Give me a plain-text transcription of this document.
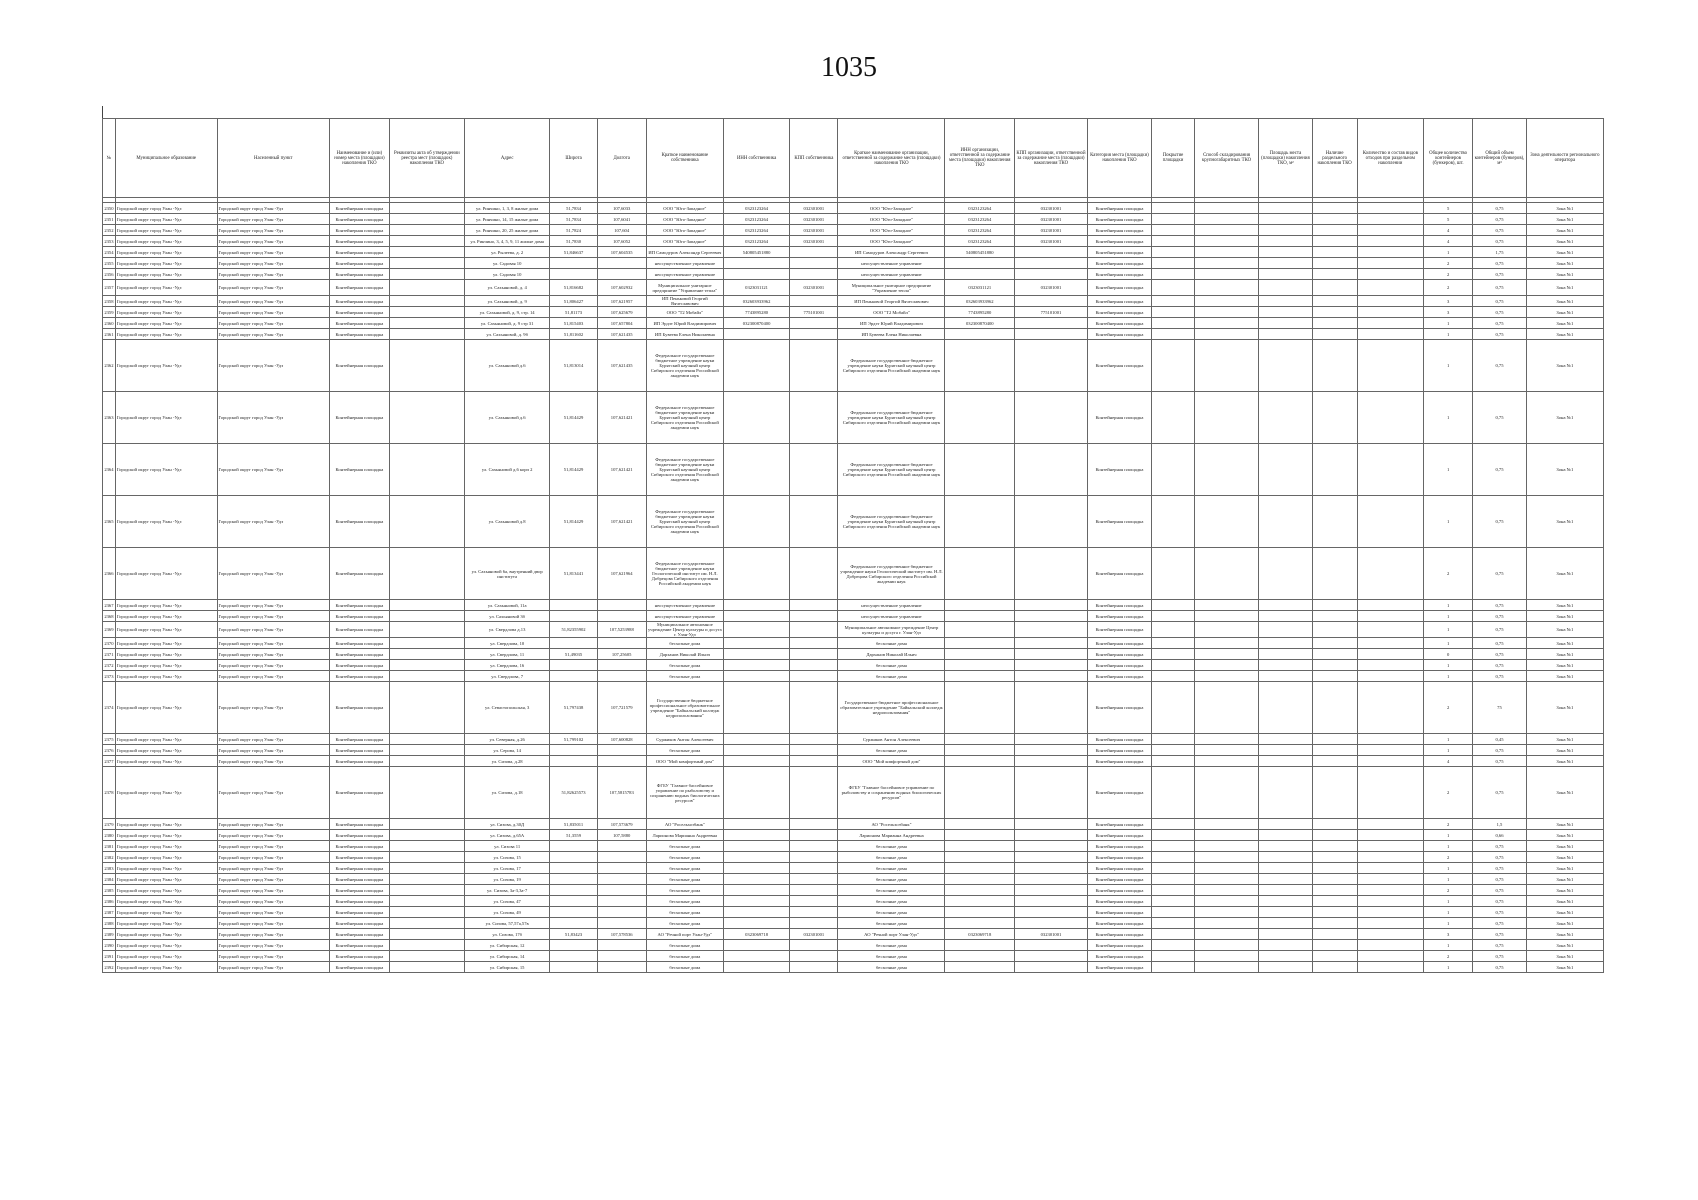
1035
№	Муниципальное образование	Населенный пункт	Наименование и (или) номер места (площадки) накопления ТКО	Реквизиты акта об утверждении реестра мест (площадок) накопления ТКО	Адрес	Широта	Долгота	Краткое наименование собственника	ИНН собственника	КПП собственника	Краткое наименование организации, ответственной за содержание места (площадки) накопления ТКО	ИНН организации, ответственной за содержание места (площадки) накопления ТКО	КПП организации, ответственной за содержание места (площадки) накопления ТКО	Категория места (площадки) накопления ТКО	Покрытие площадки	Способ складирования крупногабаритных ТКО	Площадь места (площадки) накопления ТКО, м²	Наличие раздельного накопления ТКО	Количество и состав видов отходов при раздельном накоплении	Общее количество контейнеров (бункеров), шт.	Общий объем контейнеров (бункеров), м³	Зона деятельности регионального оператора

2350	Городской округ город Улан -Удэ	Городской округ город Улан -Удэ	Контейнерная площадка		ул. Ринчино, 1, 3, 8 жилые дома	51,7834	107,6033	ООО "Юго-Западное"	0323123264	032301001	ООО "Юго-Западное"	0323123264	032301001	Контейнерная площадка						5	0,75	Зона №1
2351	Городской округ город Улан -Удэ	Городской округ город Улан -Удэ	Контейнерная площадка		ул. Ринчино, 14, 15 жилые дома	51,7834	107,6041	ООО "Юго-Западное"	0323123264	032301001	ООО "Юго-Западное"	0323123264	032301001	Контейнерная площадка						5	0,75	Зона №1
2352	Городской округ город Улан -Удэ	Городской округ город Улан -Удэ	Контейнерная площадка		ул. Ринчино, 20, 25 жилые дома	51,7824	107,604	ООО "Юго-Западное"	0323123264	032301001	ООО "Юго-Западное"	0323123264	032301001	Контейнерная площадка						4	0,75	Зона №1
2353	Городской округ город Улан -Удэ	Городской округ город Улан -Удэ	Контейнерная площадка		ул. Ринчино, 3, 4, 5, 9, 11 жилые дома	51,7830	107,6052	ООО "Юго-Западное"	0323123264	032301001	ООО "Юго-Западное"	0323123264	032301001	Контейнерная площадка						4	0,75	Зона №1
2354	Городской округ город Улан -Удэ	Городской округ город Улан -Удэ	Контейнерная площадка		ул. Рылеева, д. 2	51,846637	107,604535	ИП Самодуров Александр Сергеевич	540805451880		ИП Самодуров Александр Сергеевич	540805451880		Контейнерная площадка						1	1,75	Зона №1
2355	Городской округ город Улан -Удэ	Городской округ город Улан -Удэ	Контейнерная площадка		ул. Садовая 10			неосуществленное управление			неосуществленное управление			Контейнерная площадка						2	0,75	Зона №1
2356	Городской округ город Улан -Удэ	Городской округ город Улан -Удэ	Контейнерная площадка		ул. Садовая 10			неосуществленное управление			неосуществленное управление			Контейнерная площадка						2	0,75	Зона №1
2357	Городской округ город Улан -Удэ	Городской округ город Улан -Удэ	Контейнерная площадка		ул. Сахьяновой, д. 4	51,816682	107,602932	Муниципальное унитарное предприятие "Управление тепла"	0323031121	032301001	Муниципальное унитарное предприятие "Управление тепла"	0323031121	032301001	Контейнерная площадка						2	0,75	Зона №1
2358	Городской округ город Улан -Удэ	Городской округ город Улан -Удэ	Контейнерная площадка		ул. Сахьяновой, д. 9	51,806427	107,621957	ИП Пеньковой Георгий Вячеславович	032603933962		ИП Пеньковой Георгий Вячеславович	032603933962		Контейнерная площадка						3	0,75	Зона №1
2359	Городской округ город Улан -Удэ	Городской округ город Улан -Удэ	Контейнерная площадка		ул. Сахьяновой, д. 9, стр. 14	51,81173	107,625679	ООО "Т2 Мобайл"	7743895280	775101001	ООО "Т2 Мобайл"	7743895280	775101001	Контейнерная площадка						3	0,75	Зона №1
2360	Городской округ город Улан -Удэ	Городской округ город Улан -Удэ	Контейнерная площадка		ул. Сахьяновой, д. 9 стр 31	51,815403	107,657804	ИП Эрдэт Юрий Владимирович	032300870400		ИП Эрдэт Юрий Владимирович	032300870400		Контейнерная площадка						1	0,75	Зона №1
2361	Городской округ город Улан -Удэ	Городской округ город Улан -Удэ	Контейнерная площадка		ул. Сахьяновой, д. 9б	51,811602	107,621435	ИП Бувеева Елена Николаевна			ИП Бувеева Елена Николаевна			Контейнерная площадка						1	0,75	Зона №1
2362	Городской округ город Улан -Удэ	Городской округ город Улан -Удэ	Контейнерная площадка		ул. Сахьяновой д.6	51,813014	107,621435	Федеральное государственное бюджетное учреждение науки Бурятский научный центр Сибирского отделения Российской академии наук			Федеральное государственное бюджетное учреждение науки Бурятский научный центр Сибирского отделения Российской академии наук			Контейнерная площадка						1	0,75	Зона №1
2363	Городской округ город Улан -Удэ	Городской округ город Улан -Удэ	Контейнерная площадка		ул. Сахьяновой д.6	51,814429	107,621421	Федеральное государственное бюджетное учреждение науки Бурятский научный центр Сибирского отделения Российской академии наук			Федеральное государственное бюджетное учреждение науки Бурятский научный центр Сибирского отделения Российской академии наук			Контейнерная площадка						1	0,75	Зона №1
2364	Городской округ город Улан -Удэ	Городской округ город Улан -Удэ	Контейнерная площадка		ул. Сахьяновой д.6 корп 2	51,814429	107,621421	Федеральное государственное бюджетное учреждение науки Бурятский научный центр Сибирского отделения Российской академии наук			Федеральное государственное бюджетное учреждение науки Бурятский научный центр Сибирского отделения Российской академии наук			Контейнерная площадка						1	0,75	Зона №1
2365	Городской округ город Улан -Удэ	Городской округ город Улан -Удэ	Контейнерная площадка		ул. Сахьяновой д.8	51,814429	107,621421	Федеральное государственное бюджетное учреждение науки Бурятский научный центр Сибирского отделения Российской академии наук			Федеральное государственное бюджетное учреждение науки Бурятский научный центр Сибирского отделения Российской академии наук			Контейнерная площадка						1	0,75	Зона №1
2366	Городской округ город Улан -Удэ	Городской округ город Улан -Удэ	Контейнерная площадка		ул. Сахьяновой 6а, внутренний двор института	51,813441	107,621964	Федеральное государственное бюджетное учреждение науки Геологический институт им. Н.Л. Добрецова Сибирского отделения Российской академии наук			Федеральное государственное бюджетное учреждение науки Геологический институт им. Н.Л. Добрецова Сибирского отделения Российской академии наук			Контейнерная площадка						2	0,75	Зона №1
2367	Городской округ город Улан -Удэ	Городской округ город Улан -Удэ	Контейнерная площадка		ул. Сахьяновой, 11а			неосуществленное управление			неосуществленное управление			Контейнерная площадка						1	0,75	Зона №1
2368	Городской округ город Улан -Удэ	Городской округ город Улан -Удэ	Контейнерная площадка		ул. Сахьяновой 3б			неосуществленное управление			неосуществленное управление			Контейнерная площадка						1	0,75	Зона №1
2369	Городской округ город Улан -Удэ	Городской округ город Улан -Удэ	Контейнерная площадка		ул. Свердлова д.13	51,82355902	107,5253988	Муниципальное автономное учреждение Центр культуры и досуга г. Улан-Удэ			Муниципальное автономное учреждение Центр культуры и досуга г. Улан-Удэ			Контейнерная площадка						1	0,75	Зона №1
2370	Городской округ город Улан -Удэ	Городской округ город Улан -Удэ	Контейнерная площадка		ул. Свердлова, 10			бесхозные дома			бесхозные дома			Контейнерная площадка						1	0,75	Зона №1
2371	Городской округ город Улан -Удэ	Городской округ город Улан -Удэ	Контейнерная площадка		ул. Свердлова, 11	51,49035	107,25605	Дарханов Николай Ильич			Дарханов Николай Ильич			Контейнерная площадка						0	0,75	Зона №1
2372	Городской округ город Улан -Удэ	Городской округ город Улан -Удэ	Контейнерная площадка		ул. Свердлова, 16			бесхозные дома			бесхозные дома			Контейнерная площадка						1	0,75	Зона №1
2373	Городской округ город Улан -Удэ	Городской округ город Улан -Удэ	Контейнерная площадка		ул. Свердлова, 7			бесхозные дома			бесхозные дома			Контейнерная площадка						1	0,75	Зона №1
2374	Городской округ город Улан -Удэ	Городской округ город Улан -Удэ	Контейнерная площадка		ул. Севастопольская, 3	51,797438	107,721579	Государственное бюджетное профессиональное образовательное учреждение "Байкальский колледж недропользования"			Государственное бюджетное профессиональное образовательное учреждение "Байкальский колледж недропользования"			Контейнерная площадка						2	75	Зона №1
2375	Городской округ город Улан -Удэ	Городской округ город Улан -Удэ	Контейнерная площадка		ул. Северная, д.26	51,799102	107,600828	Суржиков Антон Алексеевич			Суржиков Антон Алексеевич			Контейнерная площадка						1	0,45	Зона №1
2376	Городской округ город Улан -Удэ	Городской округ город Улан -Удэ	Контейнерная площадка		ул. Серова, 14			бесхозные дома			бесхозные дома			Контейнерная площадка						1	0,75	Зона №1
2377	Городской округ город Улан -Удэ	Городской округ город Улан -Удэ	Контейнерная площадка		ул. Сизова, д.28			ООО "Мой комфортный дом"			ООО "Мой комфортный дом"			Контейнерная площадка						4	0,75	Зона №1
2378	Городской округ город Улан -Удэ	Городской округ город Улан -Удэ	Контейнерная площадка		ул. Сизова, д.18	51,82625573	107,5815783	ФГБУ "Главное бассейновое управление по рыболовству и сохранению водных биологических ресурсов"			ФГБУ "Главное бассейновое управление по рыболовству и сохранению водных биологических ресурсов"			Контейнерная площадка						2	0,75	Зона №1
2379	Городской округ город Улан -Удэ	Городской округ город Улан -Удэ	Контейнерная площадка		ул. Сизова, д.30Д	51,835011	107,573679	АО "Росельхозбанк"			АО "Росельхозбанк"			Контейнерная площадка						2	1,5	Зона №1
2380	Городской округ город Улан -Удэ	Городской округ город Улан -Удэ	Контейнерная площадка		ул. Сизова, д.65А	51,3559	107,5880	Ларионова Марианна Андреевна			Ларионова Марианна Андреевна			Контейнерная площадка						1	0,66	Зона №1
2381	Городской округ город Улан -Удэ	Городской округ город Улан -Удэ	Контейнерная площадка		ул. Сизова 11			бесхозные дома			бесхозные дома			Контейнерная площадка						1	0,75	Зона №1
2382	Городской округ город Улан -Удэ	Городской округ город Улан -Удэ	Контейнерная площадка		ул. Сизова, 15			бесхозные дома			бесхозные дома			Контейнерная площадка						2	0,75	Зона №1
2383	Городской округ город Улан -Удэ	Городской округ город Улан -Удэ	Контейнерная площадка		ул. Сизова, 17			бесхозные дома			бесхозные дома			Контейнерная площадка						1	0,75	Зона №1
2384	Городской округ город Улан -Удэ	Городской округ город Улан -Удэ	Контейнерная площадка		ул. Сизова, 19			бесхозные дома			бесхозные дома			Контейнерная площадка						1	0,75	Зона №1
2385	Городской округ город Улан -Удэ	Городской округ город Улан -Удэ	Контейнерная площадка		ул. Сизова, 3а-3,3а-7			бесхозные дома			бесхозные дома			Контейнерная площадка						2	0,75	Зона №1
2386	Городской округ город Улан -Удэ	Городской округ город Улан -Удэ	Контейнерная площадка		ул. Сизова, 47			бесхозные дома			бесхозные дома			Контейнерная площадка						1	0,75	Зона №1
2387	Городской округ город Улан -Удэ	Городской округ город Улан -Удэ	Контейнерная площадка		ул. Сизова, 49			бесхозные дома			бесхозные дома			Контейнерная площадка						1	0,75	Зона №1
2388	Городской округ город Улан -Удэ	Городской округ город Улан -Удэ	Контейнерная площадка		ул. Сизова, 57,57а,57в			бесхозные дома			бесхозные дома			Контейнерная площадка						1	0,75	Зона №1
2389	Городской округ город Улан -Удэ	Городской округ город Улан -Удэ	Контейнерная площадка		ул. Сизова, 17б	51,83423	107,578536	АО "Речной порт Улан-Удэ"	0323069718	032301001	АО "Речной порт Улан-Удэ"	0323069718	032301001	Контейнерная площадка						3	0,75	Зона №1
2390	Городской округ город Улан -Удэ	Городской округ город Улан -Удэ	Контейнерная площадка		ул. Сибирская, 12			бесхозные дома			бесхозные дома			Контейнерная площадка						1	0,75	Зона №1
2391	Городской округ город Улан -Удэ	Городской округ город Улан -Удэ	Контейнерная площадка		ул. Сибирская, 14			бесхозные дома			бесхозные дома			Контейнерная площадка						2	0,75	Зона №1
2392	Городской округ город Улан -Удэ	Городской округ город Улан -Удэ	Контейнерная площадка		ул. Сибирская, 15			бесхозные дома			бесхозные дома			Контейнерная площадка						1	0,75	Зона №1
